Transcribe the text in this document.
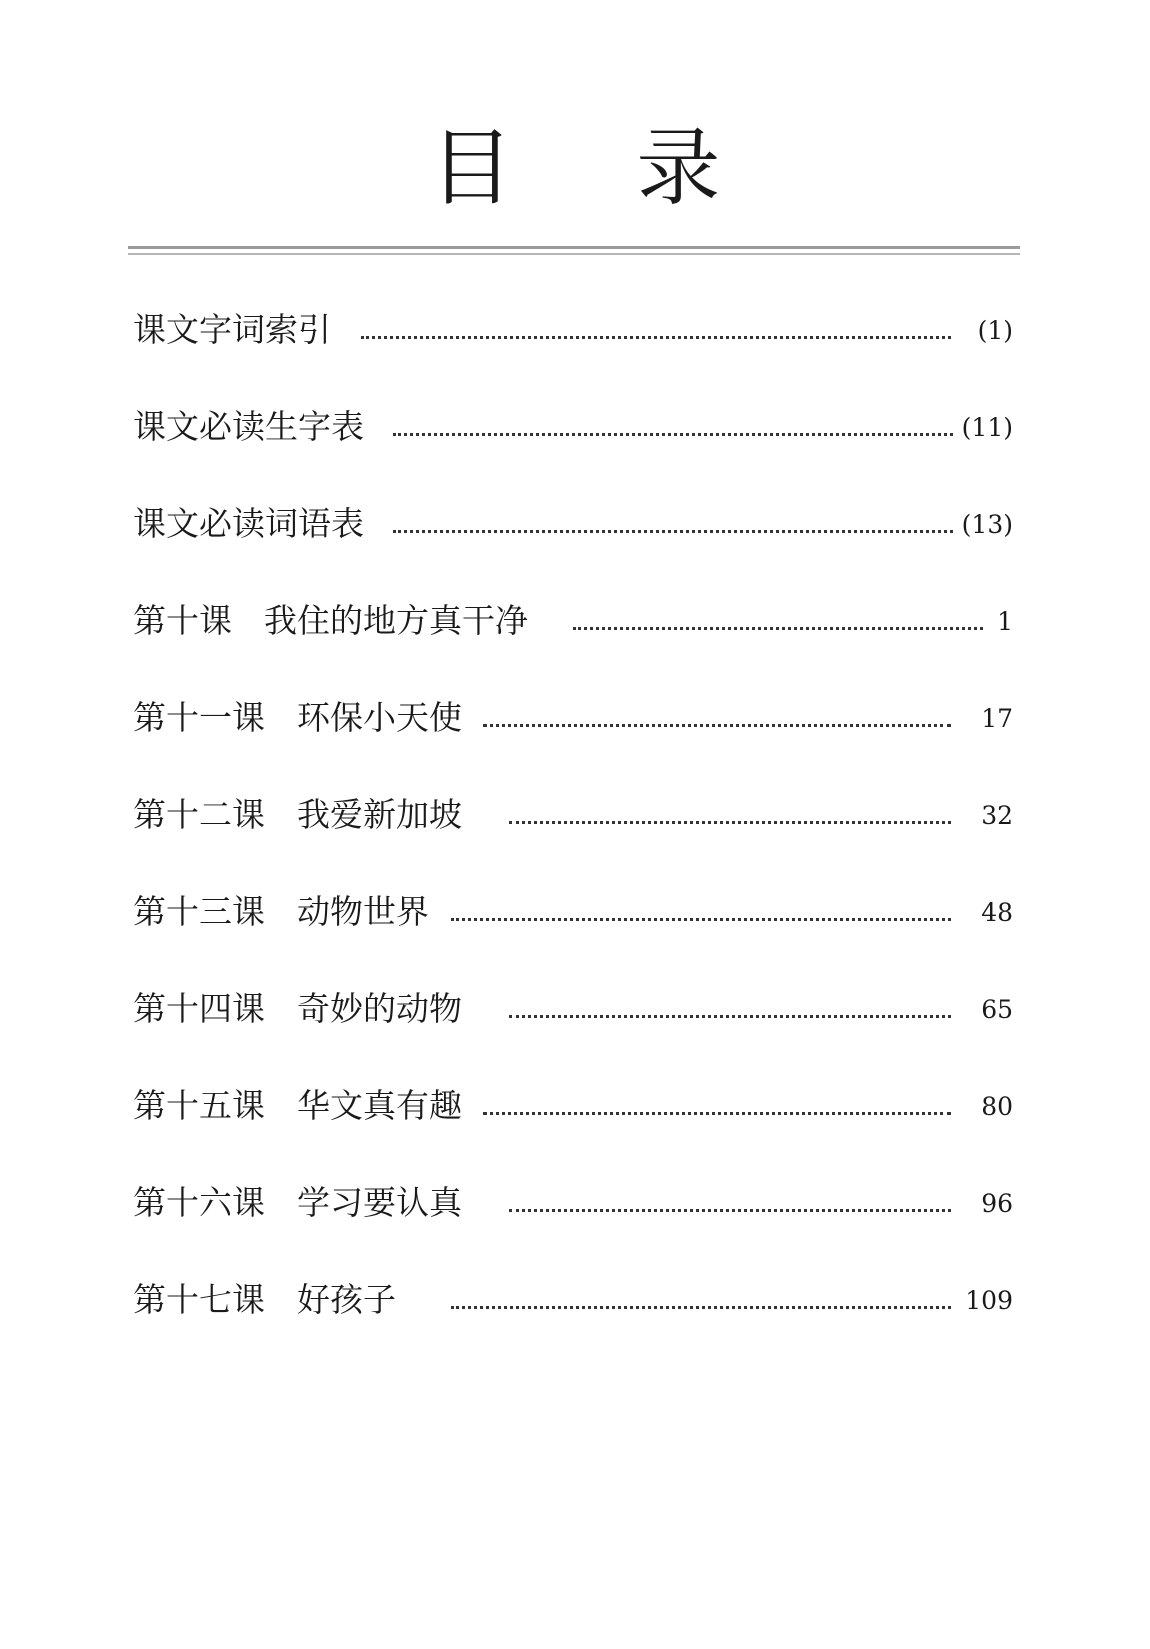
目 录
课文字词索引	(1)
课文必读生字表	(11)
课文必读词语表	(13)
第十课 我住的地方真干净	1
第十一课 环保小天使	17
第十二课 我爱新加坡	32
第十三课 动物世界	48
第十四课 奇妙的动物	65
第十五课 华文真有趣	80
第十六课 学习要认真	96
第十七课 好孩子	109
